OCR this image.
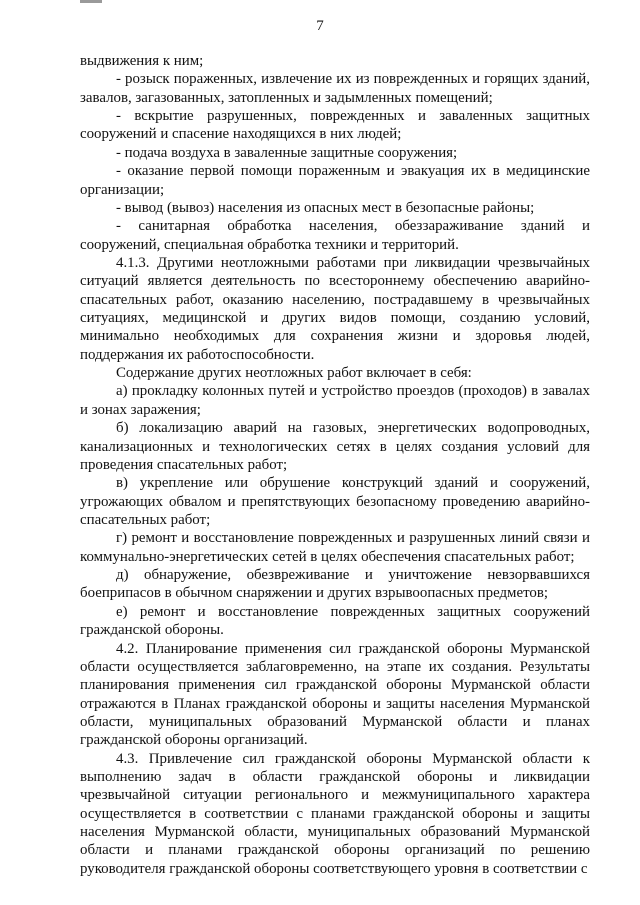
7

выдвижения к ним;

- розыск пораженных, извлечение их из поврежденных и горящих зданий, завалов, загазованных, затопленных и задымленных помещений;

- вскрытие разрушенных, поврежденных и заваленных защитных сооружений и спасение находящихся в них людей;

- подача воздуха в заваленные защитные сооружения;

- оказание первой помощи пораженным и эвакуация их в медицинские организации;

- вывод (вывоз) населения из опасных мест в безопасные районы;

- санитарная обработка населения, обеззараживание зданий и сооружений, специальная обработка техники и территорий.

4.1.3. Другими неотложными работами при ликвидации чрезвычайных ситуаций является деятельность по всестороннему обеспечению аварийно-спасательных работ, оказанию населению, пострадавшему в чрезвычайных ситуациях, медицинской и других видов помощи, созданию условий, минимально необходимых для сохранения жизни и здоровья людей, поддержания их работоспособности.

Содержание других неотложных работ включает в себя:

а) прокладку колонных путей и устройство проездов (проходов) в завалах и зонах заражения;

б) локализацию аварий на газовых, энергетических водопроводных, канализационных и технологических сетях в целях создания условий для проведения спасательных работ;

в) укрепление или обрушение конструкций зданий и сооружений, угрожающих обвалом и препятствующих безопасному проведению аварийно-спасательных работ;

г) ремонт и восстановление поврежденных и разрушенных линий связи и коммунально-энергетических сетей в целях обеспечения спасательных работ;

д) обнаружение, обезвреживание и уничтожение невзорвавшихся боеприпасов в обычном снаряжении и других взрывоопасных предметов;

е) ремонт и восстановление поврежденных защитных сооружений гражданской обороны.

4.2. Планирование применения сил гражданской обороны Мурманской области осуществляется заблаговременно, на этапе их создания. Результаты планирования применения сил гражданской обороны Мурманской области отражаются в Планах гражданской обороны и защиты населения Мурманской области, муниципальных образований Мурманской области и планах гражданской обороны организаций.

4.3. Привлечение сил гражданской обороны Мурманской области к выполнению задач в области гражданской обороны и ликвидации чрезвычайной ситуации регионального и межмуниципального характера осуществляется в соответствии с планами гражданской обороны и защиты населения Мурманской области, муниципальных образований Мурманской области и планами гражданской обороны организаций по решению руководителя гражданской обороны соответствующего уровня в соответствии с
